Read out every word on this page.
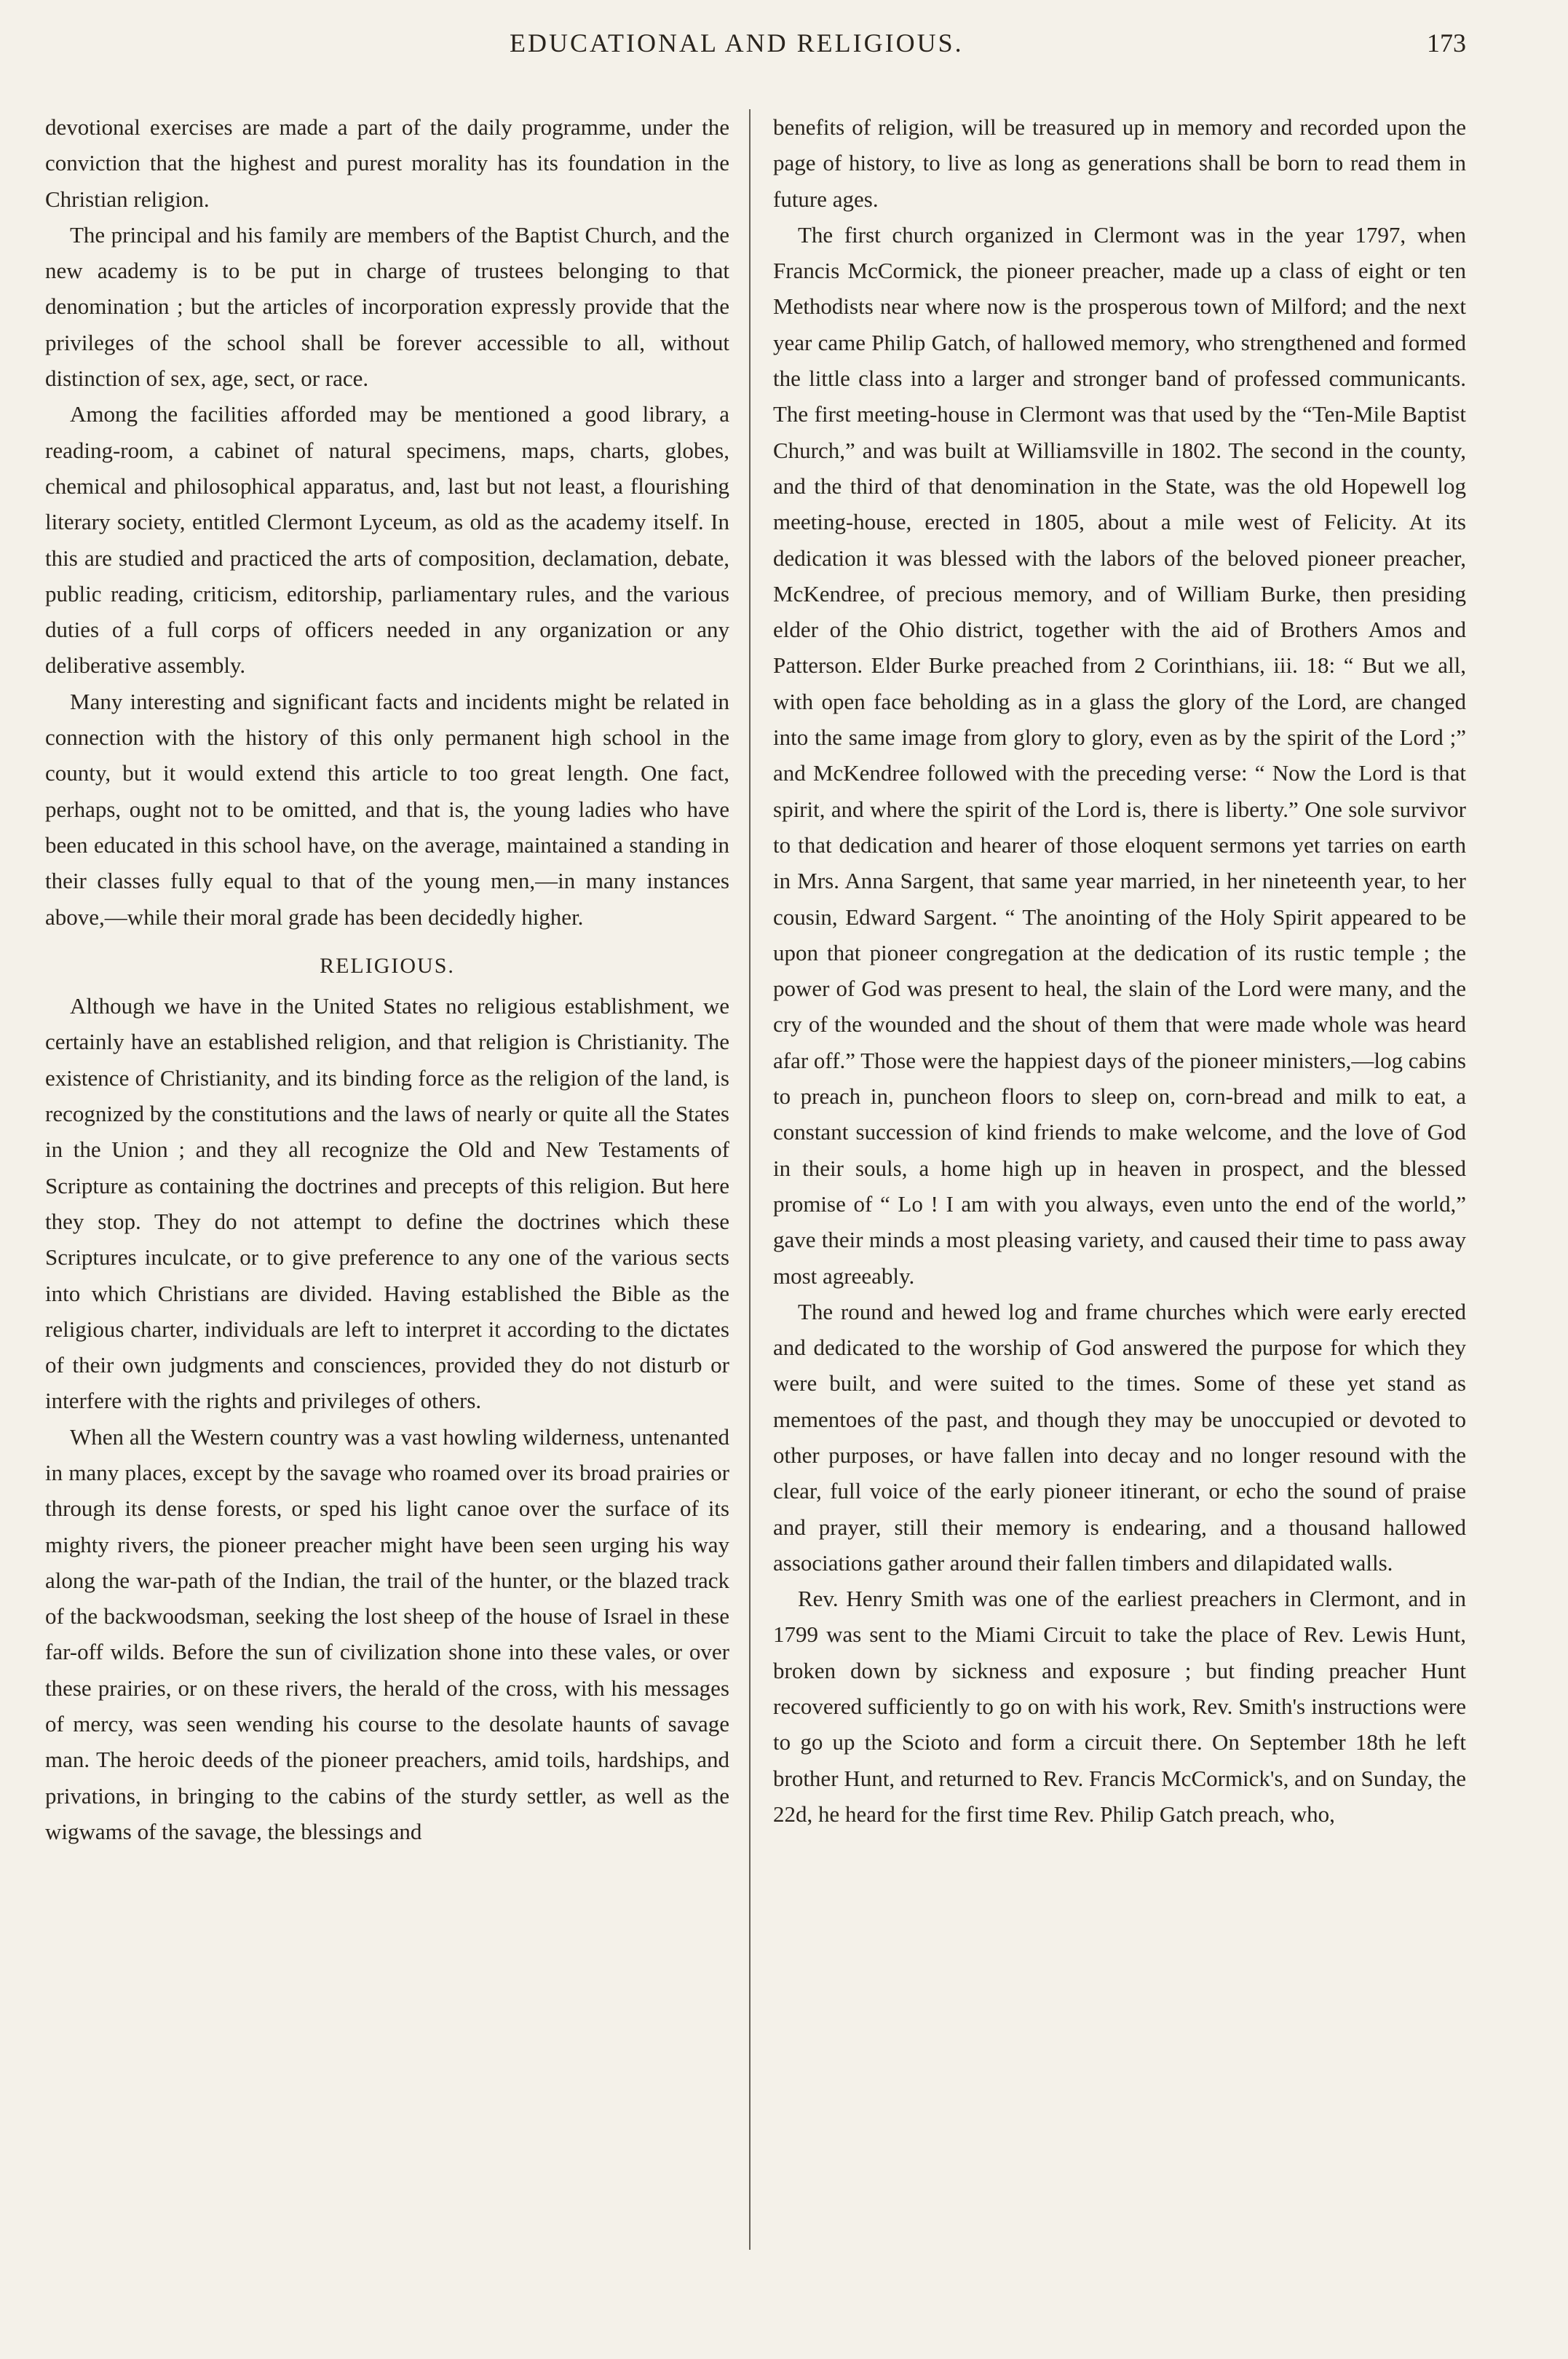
EDUCATIONAL AND RELIGIOUS.	173

devotional exercises are made a part of the daily programme, under the conviction that the highest and purest morality has its foundation in the Christian religion.

The principal and his family are members of the Baptist Church, and the new academy is to be put in charge of trustees belonging to that denomination ; but the articles of incorporation expressly provide that the privileges of the school shall be forever accessible to all, without distinction of sex, age, sect, or race.

Among the facilities afforded may be mentioned a good library, a reading-room, a cabinet of natural specimens, maps, charts, globes, chemical and philosophical apparatus, and, last but not least, a flourishing literary society, entitled Clermont Lyceum, as old as the academy itself. In this are studied and practiced the arts of composition, declamation, debate, public reading, criticism, editorship, parliamentary rules, and the various duties of a full corps of officers needed in any organization or any deliberative assembly.

Many interesting and significant facts and incidents might be related in connection with the history of this only permanent high school in the county, but it would extend this article to too great length. One fact, perhaps, ought not to be omitted, and that is, the young ladies who have been educated in this school have, on the average, maintained a standing in their classes fully equal to that of the young men,—in many instances above,—while their moral grade has been decidedly higher.

RELIGIOUS.

Although we have in the United States no religious establishment, we certainly have an established religion, and that religion is Christianity. The existence of Christianity, and its binding force as the religion of the land, is recognized by the constitutions and the laws of nearly or quite all the States in the Union ; and they all recognize the Old and New Testaments of Scripture as containing the doctrines and precepts of this religion. But here they stop. They do not attempt to define the doctrines which these Scriptures inculcate, or to give preference to any one of the various sects into which Christians are divided. Having established the Bible as the religious charter, individuals are left to interpret it according to the dictates of their own judgments and consciences, provided they do not disturb or interfere with the rights and privileges of others.

When all the Western country was a vast howling wilderness, untenanted in many places, except by the savage who roamed over its broad prairies or through its dense forests, or sped his light canoe over the surface of its mighty rivers, the pioneer preacher might have been seen urging his way along the war-path of the Indian, the trail of the hunter, or the blazed track of the backwoodsman, seeking the lost sheep of the house of Israel in these far-off wilds. Before the sun of civilization shone into these vales, or over these prairies, or on these rivers, the herald of the cross, with his messages of mercy, was seen wending his course to the desolate haunts of savage man. The heroic deeds of the pioneer preachers, amid toils, hardships, and privations, in bringing to the cabins of the sturdy settler, as well as the wigwams of the savage, the blessings and

benefits of religion, will be treasured up in memory and recorded upon the page of history, to live as long as generations shall be born to read them in future ages.

The first church organized in Clermont was in the year 1797, when Francis McCormick, the pioneer preacher, made up a class of eight or ten Methodists near where now is the prosperous town of Milford; and the next year came Philip Gatch, of hallowed memory, who strengthened and formed the little class into a larger and stronger band of professed communicants. The first meeting-house in Clermont was that used by the “Ten-Mile Baptist Church,” and was built at Williamsville in 1802. The second in the county, and the third of that denomination in the State, was the old Hopewell log meeting-house, erected in 1805, about a mile west of Felicity. At its dedication it was blessed with the labors of the beloved pioneer preacher, McKendree, of precious memory, and of William Burke, then presiding elder of the Ohio district, together with the aid of Brothers Amos and Patterson. Elder Burke preached from 2 Corinthians, iii. 18: “ But we all, with open face beholding as in a glass the glory of the Lord, are changed into the same image from glory to glory, even as by the spirit of the Lord ;” and McKendree followed with the preceding verse: “ Now the Lord is that spirit, and where the spirit of the Lord is, there is liberty.” One sole survivor to that dedication and hearer of those eloquent sermons yet tarries on earth in Mrs. Anna Sargent, that same year married, in her nineteenth year, to her cousin, Edward Sargent. “ The anointing of the Holy Spirit appeared to be upon that pioneer congregation at the dedication of its rustic temple ; the power of God was present to heal, the slain of the Lord were many, and the cry of the wounded and the shout of them that were made whole was heard afar off.” Those were the happiest days of the pioneer ministers,—log cabins to preach in, puncheon floors to sleep on, corn-bread and milk to eat, a constant succession of kind friends to make welcome, and the love of God in their souls, a home high up in heaven in prospect, and the blessed promise of “ Lo ! I am with you always, even unto the end of the world,” gave their minds a most pleasing variety, and caused their time to pass away most agreeably.

The round and hewed log and frame churches which were early erected and dedicated to the worship of God answered the purpose for which they were built, and were suited to the times. Some of these yet stand as mementoes of the past, and though they may be unoccupied or devoted to other purposes, or have fallen into decay and no longer resound with the clear, full voice of the early pioneer itinerant, or echo the sound of praise and prayer, still their memory is endearing, and a thousand hallowed associations gather around their fallen timbers and dilapidated walls.

Rev. Henry Smith was one of the earliest preachers in Clermont, and in 1799 was sent to the Miami Circuit to take the place of Rev. Lewis Hunt, broken down by sickness and exposure ; but finding preacher Hunt recovered sufficiently to go on with his work, Rev. Smith's instructions were to go up the Scioto and form a circuit there. On September 18th he left brother Hunt, and returned to Rev. Francis McCormick's, and on Sunday, the 22d, he heard for the first time Rev. Philip Gatch preach, who,
